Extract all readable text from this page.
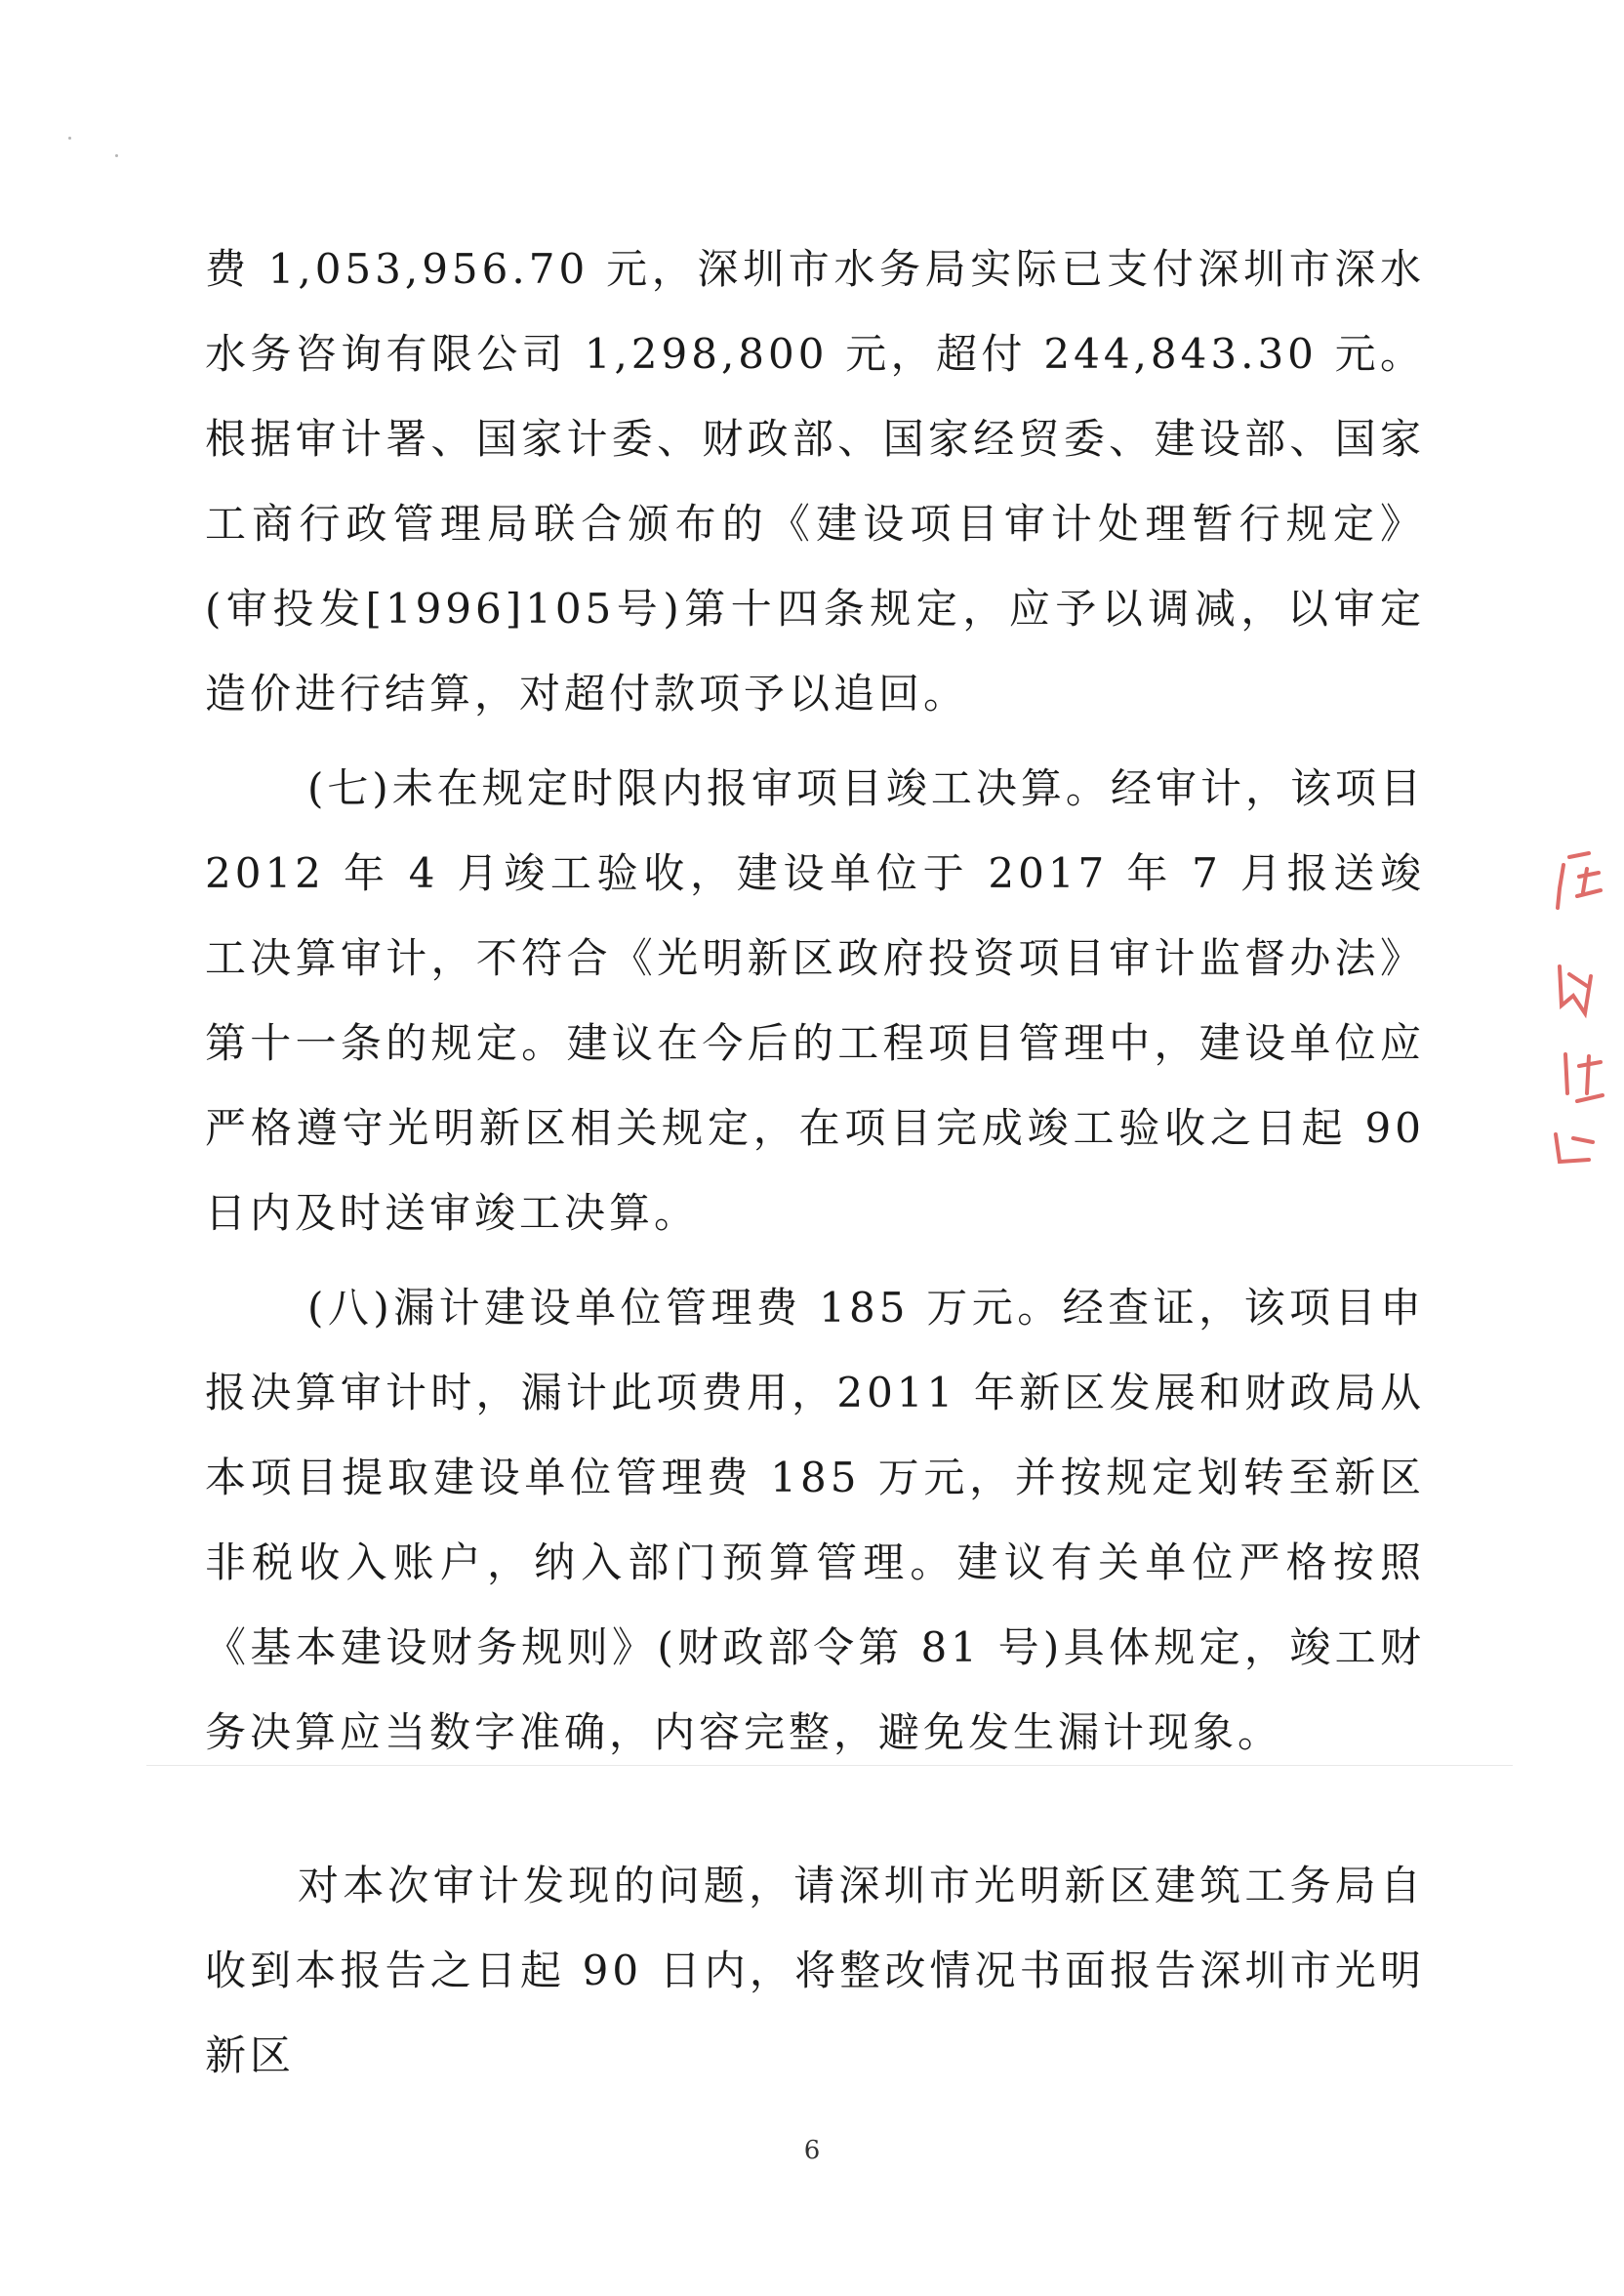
费 1,053,956.70 元，深圳市水务局实际已支付深圳市深水水务咨询有限公司 1,298,800 元，超付 244,843.30 元。根据审计署、国家计委、财政部、国家经贸委、建设部、国家工商行政管理局联合颁布的《建设项目审计处理暂行规定》(审投发[1996]105号)第十四条规定，应予以调减，以审定造价进行结算，对超付款项予以追回。

(七)未在规定时限内报审项目竣工决算。经审计，该项目 2012 年 4 月竣工验收，建设单位于 2017 年 7 月报送竣工决算审计，不符合《光明新区政府投资项目审计监督办法》第十一条的规定。建议在今后的工程项目管理中，建设单位应严格遵守光明新区相关规定，在项目完成竣工验收之日起 90 日内及时送审竣工决算。

(八)漏计建设单位管理费 185 万元。经查证，该项目申报决算审计时，漏计此项费用，2011 年新区发展和财政局从本项目提取建设单位管理费 185 万元，并按规定划转至新区非税收入账户，纳入部门预算管理。建议有关单位严格按照《基本建设财务规则》(财政部令第 81 号)具体规定，竣工财务决算应当数字准确，内容完整，避免发生漏计现象。

对本次审计发现的问题，请深圳市光明新区建筑工务局自收到本报告之日起 90 日内，将整改情况书面报告深圳市光明新区

6
